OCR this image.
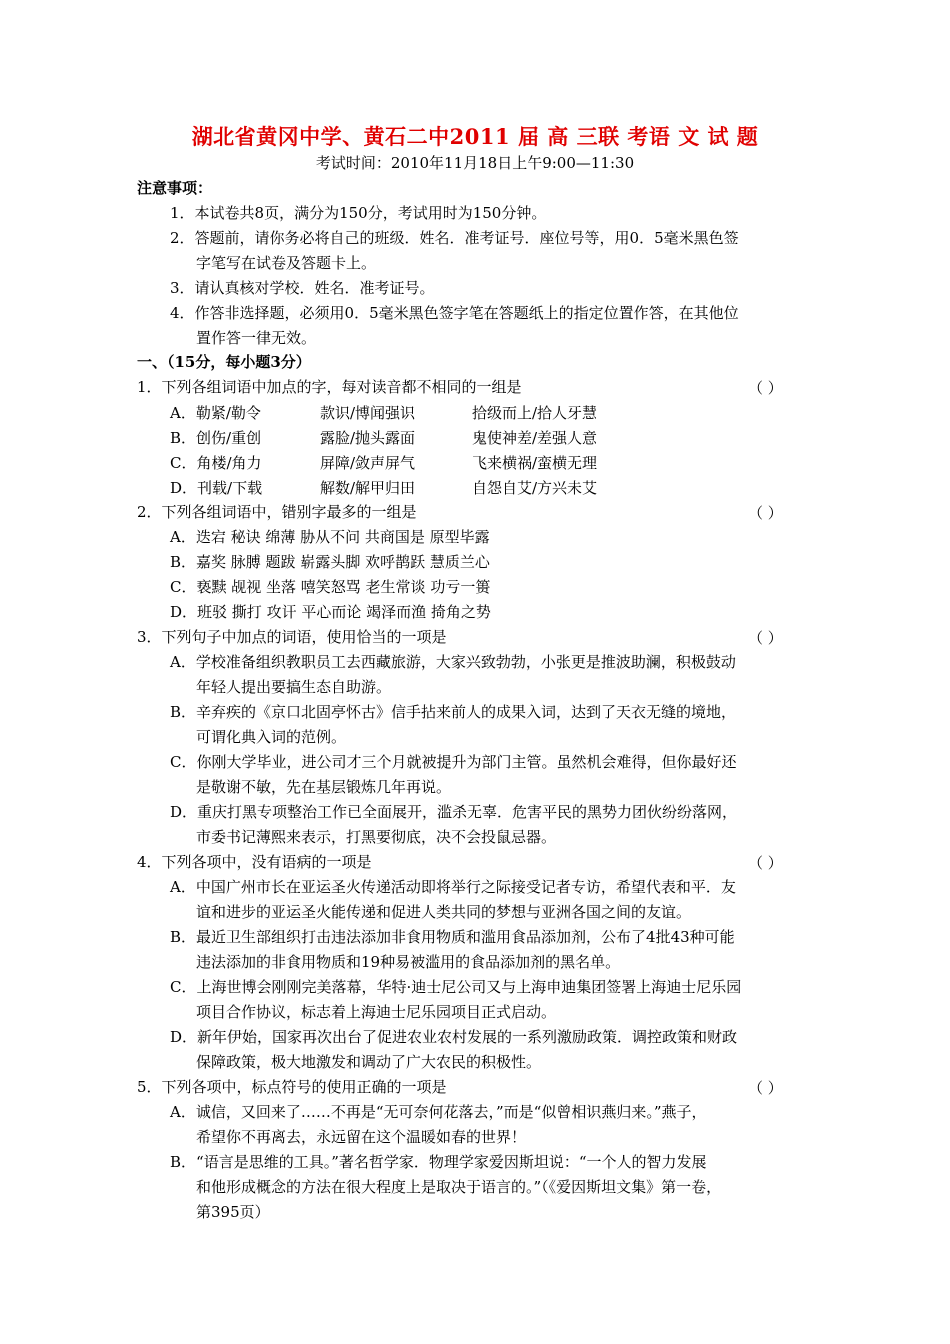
湖北省黄冈中学、黄石二中2011 届 高 三联 考语 文 试 题
考试时间：2010年11月18日上午9:00—11:30
注意事项：
1．本试卷共8页，满分为150分，考试用时为150分钟。
2．答题前，请你务必将自己的班级．姓名．准考证号．座位号等，用0．5毫米黑色签
字笔写在试卷及答题卡上。
3．请认真核对学校．姓名．准考证号。
4．作答非选择题，必须用0．5毫米黑色签字笔在答题纸上的指定位置作答，在其他位
置作答一律无效。
一、（15分，每小题3分）
1．下列各组词语中加点的字，每对读音都不相同的一组是	（ ）
A．勒紧/勒令	款识/博闻强识	拾级而上/拾人牙慧
B．创伤/重创	露脸/抛头露面	鬼使神差/差强人意
C．角楼/角力	屏障/敛声屏气	飞来横祸/蛮横无理
D．刊载/下载	解数/解甲归田	自怨自艾/方兴未艾
2．下列各组词语中，错别字最多的一组是	（ ）
A．迭宕 秘诀 绵薄 胁从不问 共商国是 原型毕露
B．嘉奖 脉膊 题跋 崭露头脚 欢呼鹊跃 慧质兰心
C．亵黩 觇视 坐落 嘻笑怒骂 老生常谈 功亏一篑
D．班驳 撕打 攻讦 平心而论 竭泽而渔 掎角之势
3．下列句子中加点的词语，使用恰当的一项是	（ ）
A．学校准备组织教职员工去西藏旅游，大家兴致勃勃，小张更是推波助澜，积极鼓动
年轻人提出要搞生态自助游。
B．辛弃疾的《京口北固亭怀古》信手拈来前人的成果入词，达到了天衣无缝的境地，
可谓化典入词的范例。
C．你刚大学毕业，进公司才三个月就被提升为部门主管。虽然机会难得，但你最好还
是敬谢不敏，先在基层锻炼几年再说。
D．重庆打黑专项整治工作已全面展开，滥杀无辜．危害平民的黑势力团伙纷纷落网，
市委书记薄熙来表示，打黑要彻底，决不会投鼠忌器。
4．下列各项中，没有语病的一项是	（ ）
A．中国广州市长在亚运圣火传递活动即将举行之际接受记者专访，希望代表和平．友
谊和进步的亚运圣火能传递和促进人类共同的梦想与亚洲各国之间的友谊。
B．最近卫生部组织打击违法添加非食用物质和滥用食品添加剂，公布了4批43种可能
违法添加的非食用物质和19种易被滥用的食品添加剂的黑名单。
C．上海世博会刚刚完美落幕，华特·迪士尼公司又与上海申迪集团签署上海迪士尼乐园
项目合作协议，标志着上海迪士尼乐园项目正式启动。
D．新年伊始，国家再次出台了促进农业农村发展的一系列激励政策．调控政策和财政
保障政策，极大地激发和调动了广大农民的积极性。
5．下列各项中，标点符号的使用正确的一项是	（ ）
A．诚信，又回来了……不再是“无可奈何花落去，”而是“似曾相识燕归来。”燕子，
希望你不再离去，永远留在这个温暖如春的世界！
B．“语言是思维的工具。”著名哲学家．物理学家爱因斯坦说：“一个人的智力发展
和他形成概念的方法在很大程度上是取决于语言的。”（《爱因斯坦文集》第一卷，
第395页）
